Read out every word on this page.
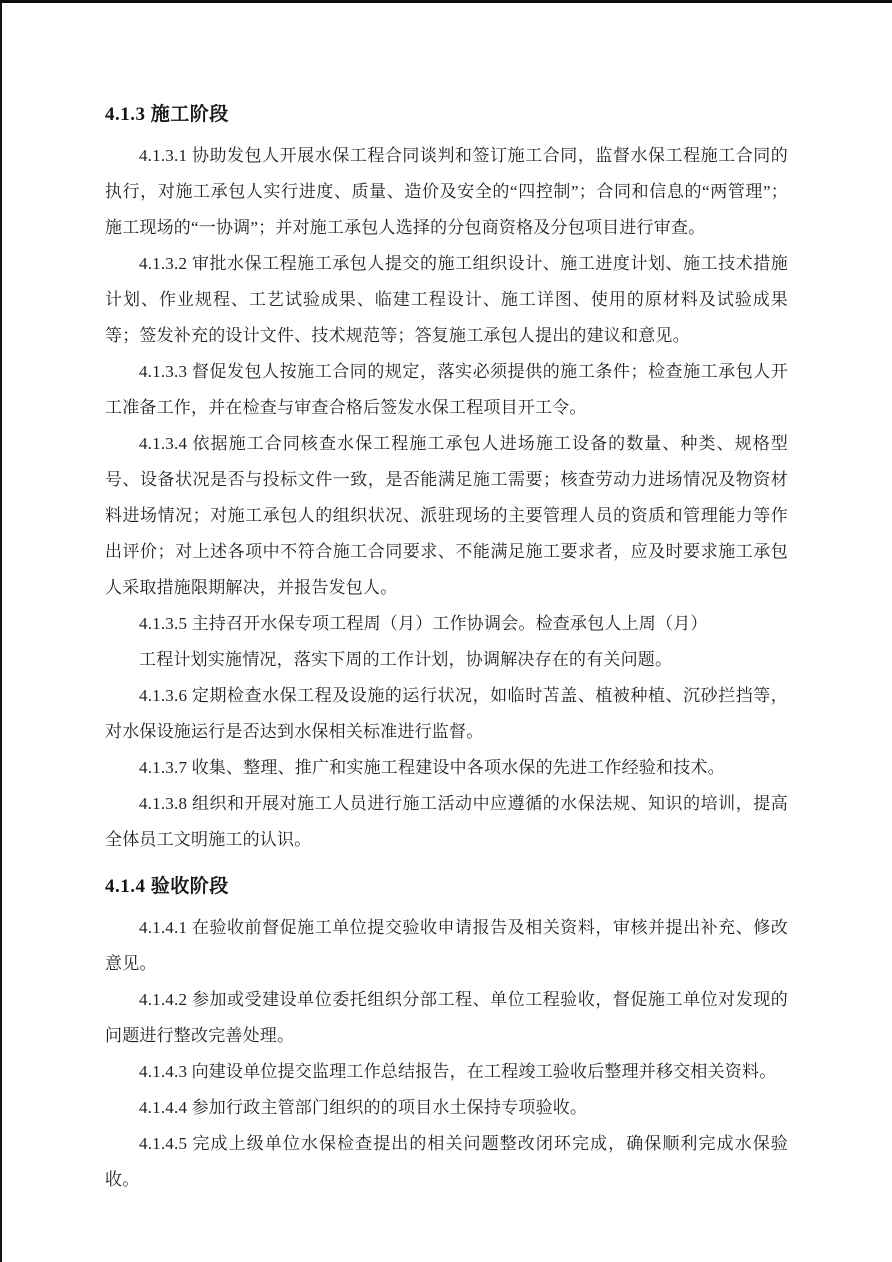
4.1.3 施工阶段

4.1.3.1 协助发包人开展水保工程合同谈判和签订施工合同，监督水保工程施工合同的执行，对施工承包人实行进度、质量、造价及安全的“四控制”；合同和信息的“两管理”；施工现场的“一协调”；并对施工承包人选择的分包商资格及分包项目进行审查。

4.1.3.2 审批水保工程施工承包人提交的施工组织设计、施工进度计划、施工技术措施计划、作业规程、工艺试验成果、临建工程设计、施工详图、使用的原材料及试验成果等；签发补充的设计文件、技术规范等；答复施工承包人提出的建议和意见。

4.1.3.3 督促发包人按施工合同的规定，落实必须提供的施工条件；检查施工承包人开工准备工作，并在检查与审查合格后签发水保工程项目开工令。

4.1.3.4 依据施工合同核查水保工程施工承包人进场施工设备的数量、种类、规格型号、设备状况是否与投标文件一致，是否能满足施工需要；核查劳动力进场情况及物资材料进场情况；对施工承包人的组织状况、派驻现场的主要管理人员的资质和管理能力等作出评价；对上述各项中不符合施工合同要求、不能满足施工要求者，应及时要求施工承包人采取措施限期解决，并报告发包人。

4.1.3.5 主持召开水保专项工程周（月）工作协调会。检查承包人上周（月）

工程计划实施情况，落实下周的工作计划，协调解决存在的有关问题。

4.1.3.6 定期检查水保工程及设施的运行状况，如临时苫盖、植被种植、沉砂拦挡等，对水保设施运行是否达到水保相关标准进行监督。

4.1.3.7 收集、整理、推广和实施工程建设中各项水保的先进工作经验和技术。

4.1.3.8 组织和开展对施工人员进行施工活动中应遵循的水保法规、知识的培训，提高全体员工文明施工的认识。

4.1.4 验收阶段

4.1.4.1 在验收前督促施工单位提交验收申请报告及相关资料，审核并提出补充、修改意见。

4.1.4.2 参加或受建设单位委托组织分部工程、单位工程验收，督促施工单位对发现的问题进行整改完善处理。

4.1.4.3 向建设单位提交监理工作总结报告，在工程竣工验收后整理并移交相关资料。

4.1.4.4 参加行政主管部门组织的的项目水土保持专项验收。

4.1.4.5 完成上级单位水保检查提出的相关问题整改闭环完成，确保顺利完成水保验收。
